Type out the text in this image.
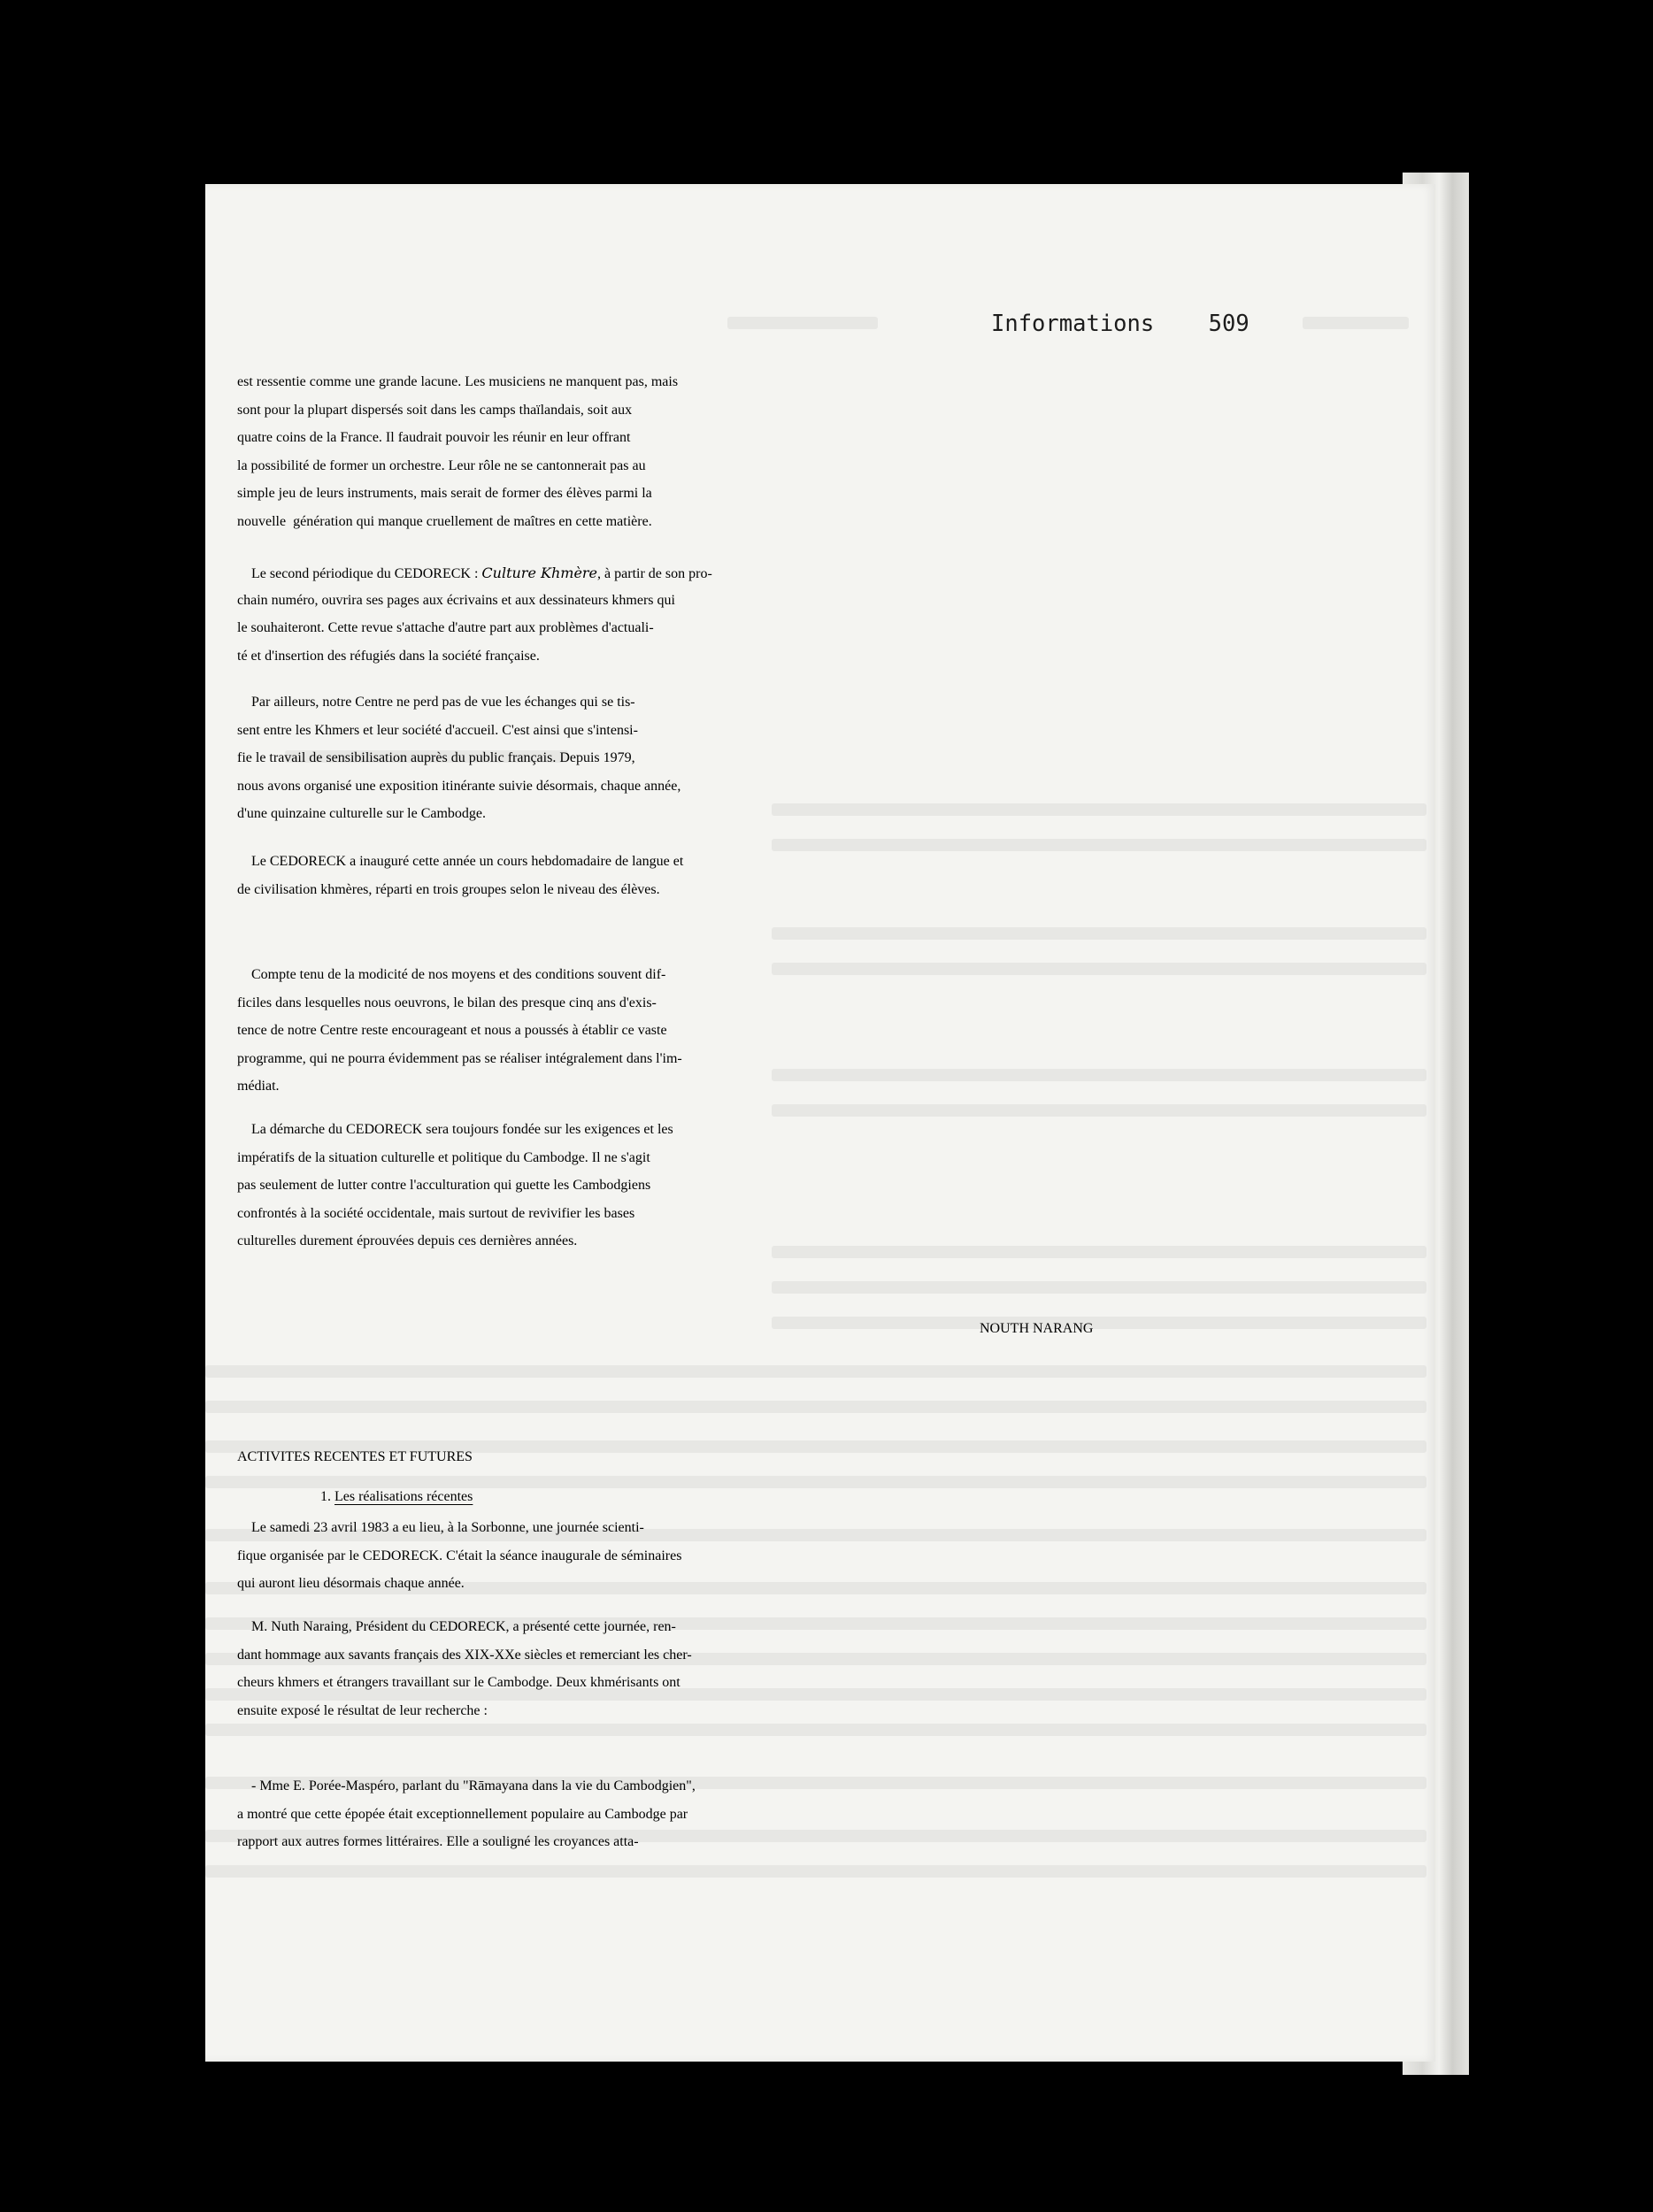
Informations 509
est ressentie comme une grande lacune. Les musiciens ne manquent pas, mais
sont pour la plupart dispersés soit dans les camps thaïlandais, soit aux
quatre coins de la France. Il faudrait pouvoir les réunir en leur offrant
la possibilité de former un orchestre. Leur rôle ne se cantonnerait pas au
simple jeu de leurs instruments, mais serait de former des élèves parmi la
nouvelle  génération qui manque cruellement de maîtres en cette matière.
Le second périodique du CEDORECK : Culture Khmère, à partir de son pro-
chain numéro, ouvrira ses pages aux écrivains et aux dessinateurs khmers qui
le souhaiteront. Cette revue s'attache d'autre part aux problèmes d'actuali-
té et d'insertion des réfugiés dans la société française.
Par ailleurs, notre Centre ne perd pas de vue les échanges qui se tis-
sent entre les Khmers et leur société d'accueil. C'est ainsi que s'intensi-
fie le travail de sensibilisation auprès du public français. Depuis 1979,
nous avons organisé une exposition itinérante suivie désormais, chaque année,
d'une quinzaine culturelle sur le Cambodge.
Le CEDORECK a inauguré cette année un cours hebdomadaire de langue et
de civilisation khmères, réparti en trois groupes selon le niveau des élèves.
Compte tenu de la modicité de nos moyens et des conditions souvent dif-
ficiles dans lesquelles nous oeuvrons, le bilan des presque cinq ans d'exis-
tence de notre Centre reste encourageant et nous a poussés à établir ce vaste
programme, qui ne pourra évidemment pas se réaliser intégralement dans l'im-
médiat.
La démarche du CEDORECK sera toujours fondée sur les exigences et les
impératifs de la situation culturelle et politique du Cambodge. Il ne s'agit
pas seulement de lutter contre l'acculturation qui guette les Cambodgiens
confrontés à la société occidentale, mais surtout de revivifier les bases
culturelles durement éprouvées depuis ces dernières années.
NOUTH NARANG
ACTIVITES RECENTES ET FUTURES
1. Les réalisations récentes
Le samedi 23 avril 1983 a eu lieu, à la Sorbonne, une journée scienti-
fique organisée par le CEDORECK. C'était la séance inaugurale de séminaires
qui auront lieu désormais chaque année.
M. Nuth Naraing, Président du CEDORECK, a présenté cette journée, ren-
dant hommage aux savants français des XIX-XXe siècles et remerciant les cher-
cheurs khmers et étrangers travaillant sur le Cambodge. Deux khmérisants ont
ensuite exposé le résultat de leur recherche :
- Mme E. Porée-Maspéro, parlant du "Rāmayana dans la vie du Cambodgien",
a montré que cette épopée était exceptionnellement populaire au Cambodge par
rapport aux autres formes littéraires. Elle a souligné les croyances atta-
